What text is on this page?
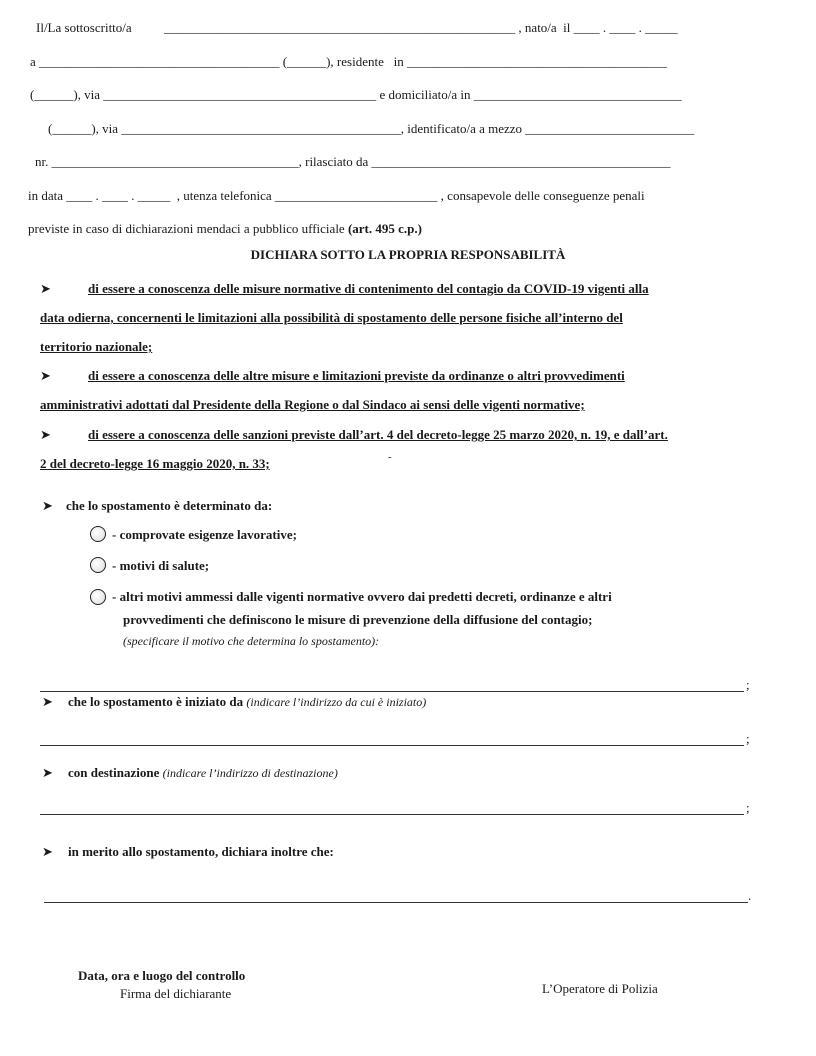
Il/La sottoscritto/a          ______________________________________________________ , nato/a  il ____ . ____ . _____
a _____________________________________ (______), residente   in ________________________________________
(______), via __________________________________________ e domiciliato/a in ________________________________
(______), via ___________________________________________, identificato/a a mezzo __________________________
nr. ______________________________________, rilasciato da ______________________________________________
in data ____ . ____ . _____  , utenza telefonica _________________________ , consapevole delle conseguenze penali
previste in caso di dichiarazioni mendaci a pubblico ufficiale (art. 495 c.p.)
DICHIARA SOTTO LA PROPRIA RESPONSABILITÀ
➤	di essere a conoscenza delle misure normative di contenimento del contagio da COVID-19 vigenti alla
data odierna, concernenti le limitazioni alla possibilità di spostamento delle persone fisiche all’interno del
territorio nazionale;
➤	di essere a conoscenza delle altre misure e limitazioni previste da ordinanze o altri provvedimenti
amministrativi adottati dal Presidente della Regione o dal Sindaco ai sensi delle vigenti normative;
➤	di essere a conoscenza delle sanzioni previste dall’art. 4 del decreto-legge 25 marzo 2020, n. 19, e dall’art.
2 del decreto-legge 16 maggio 2020, n. 33;	-
➤ che lo spostamento è determinato da:
- comprovate esigenze lavorative;
- motivi di salute;
- altri motivi ammessi dalle vigenti normative ovvero dai predetti decreti, ordinanze e altri
provvedimenti che definiscono le misure di prevenzione della diffusione del contagio;
(specificare il motivo che determina lo spostamento):
;
➤ che lo spostamento è iniziato da (indicare l’indirizzo da cui è iniziato)
;
➤ con destinazione (indicare l’indirizzo di destinazione)
;
➤ in merito allo spostamento, dichiara inoltre che:
.
Data, ora e luogo del controllo
Firma del dichiarante	L’Operatore di Polizia
